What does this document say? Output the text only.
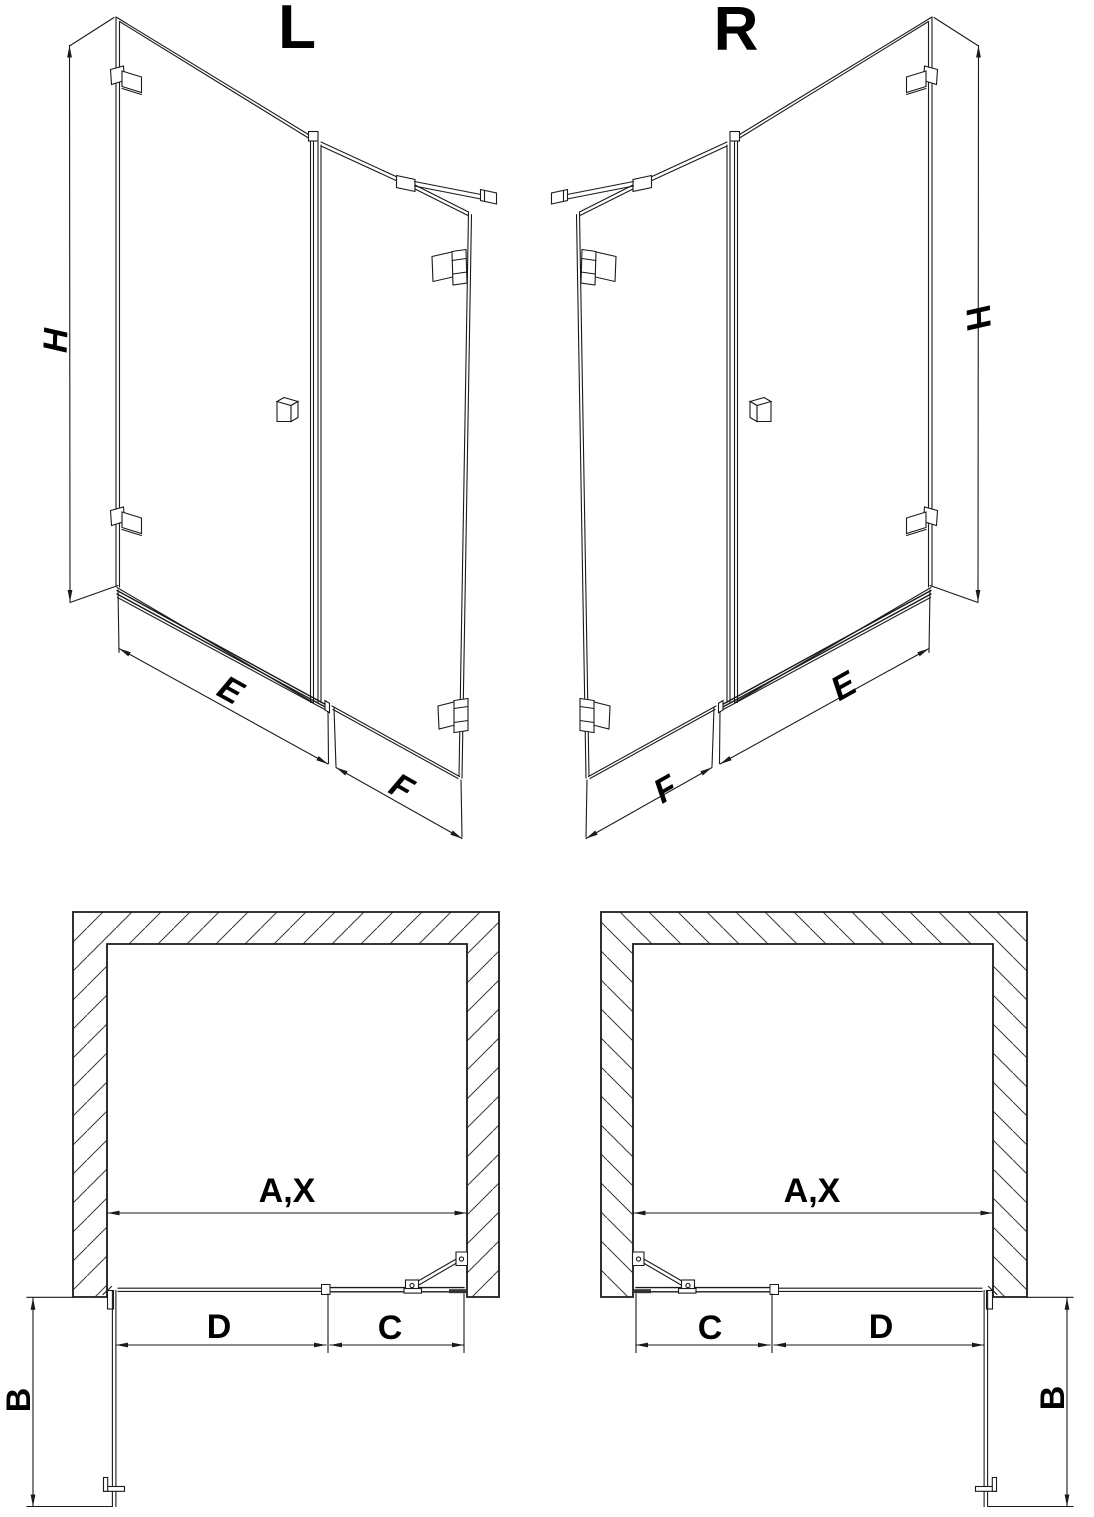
L
H
E
F
R
H
E
F
A,X
D	C
B
A,X
C	D
B
